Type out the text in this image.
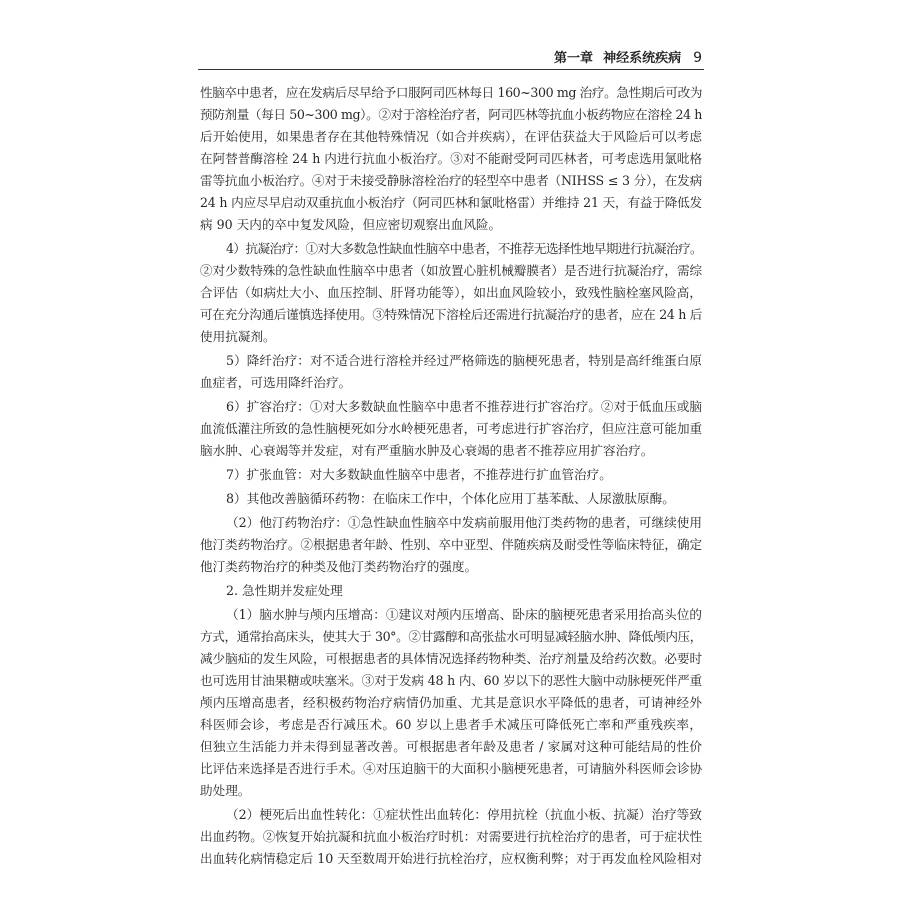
第一章 神经系统疾病 9
性脑卒中患者，应在发病后尽早给予口服阿司匹林每日 160~300 mg 治疗。急性期后可改为
预防剂量（每日 50~300 mg）。②对于溶栓治疗者，阿司匹林等抗血小板药物应在溶栓 24 h
后开始使用，如果患者存在其他特殊情况（如合并疾病），在评估获益大于风险后可以考虑
在阿替普酶溶栓 24 h 内进行抗血小板治疗。③对不能耐受阿司匹林者，可考虑选用氯吡格
雷等抗血小板治疗。④对于未接受静脉溶栓治疗的轻型卒中患者（NIHSS ≤ 3 分），在发病
24 h 内应尽早启动双重抗血小板治疗（阿司匹林和氯吡格雷）并维持 21 天，有益于降低发
病 90 天内的卒中复发风险，但应密切观察出血风险。
4）抗凝治疗：①对大多数急性缺血性脑卒中患者，不推荐无选择性地早期进行抗凝治疗。
②对少数特殊的急性缺血性脑卒中患者（如放置心脏机械瓣膜者）是否进行抗凝治疗，需综
合评估（如病灶大小、血压控制、肝肾功能等），如出血风险较小，致残性脑栓塞风险高，
可在充分沟通后谨慎选择使用。③特殊情况下溶栓后还需进行抗凝治疗的患者，应在 24 h 后
使用抗凝剂。
5）降纤治疗：对不适合进行溶栓并经过严格筛选的脑梗死患者，特别是高纤维蛋白原
血症者，可选用降纤治疗。
6）扩容治疗：①对大多数缺血性脑卒中患者不推荐进行扩容治疗。②对于低血压或脑
血流低灌注所致的急性脑梗死如分水岭梗死患者，可考虑进行扩容治疗，但应注意可能加重
脑水肿、心衰竭等并发症，对有严重脑水肿及心衰竭的患者不推荐应用扩容治疗。
7）扩张血管：对大多数缺血性脑卒中患者，不推荐进行扩血管治疗。
8）其他改善脑循环药物：在临床工作中，个体化应用丁基苯酞、人尿激肽原酶。
（2）他汀药物治疗：①急性缺血性脑卒中发病前服用他汀类药物的患者，可继续使用
他汀类药物治疗。②根据患者年龄、性别、卒中亚型、伴随疾病及耐受性等临床特征，确定
他汀类药物治疗的种类及他汀类药物治疗的强度。
2. 急性期并发症处理
（1）脑水肿与颅内压增高：①建议对颅内压增高、卧床的脑梗死患者采用抬高头位的
方式，通常抬高床头，使其大于 30°。②甘露醇和高张盐水可明显减轻脑水肿、降低颅内压，
减少脑疝的发生风险，可根据患者的具体情况选择药物种类、治疗剂量及给药次数。必要时
也可选用甘油果糖或呋塞米。③对于发病 48 h 内、60 岁以下的恶性大脑中动脉梗死伴严重
颅内压增高患者，经积极药物治疗病情仍加重、尤其是意识水平降低的患者，可请神经外
科医师会诊，考虑是否行减压术。60 岁以上患者手术减压可降低死亡率和严重残疾率，
但独立生活能力并未得到显著改善。可根据患者年龄及患者 / 家属对这种可能结局的性价
比评估来选择是否进行手术。④对压迫脑干的大面积小脑梗死患者，可请脑外科医师会诊协
助处理。
（2）梗死后出血性转化：①症状性出血转化：停用抗栓（抗血小板、抗凝）治疗等致
出血药物。②恢复开始抗凝和抗血小板治疗时机：对需要进行抗栓治疗的患者，可于症状性
出血转化病情稳定后 10 天至数周开始进行抗栓治疗，应权衡利弊；对于再发血栓风险相对
